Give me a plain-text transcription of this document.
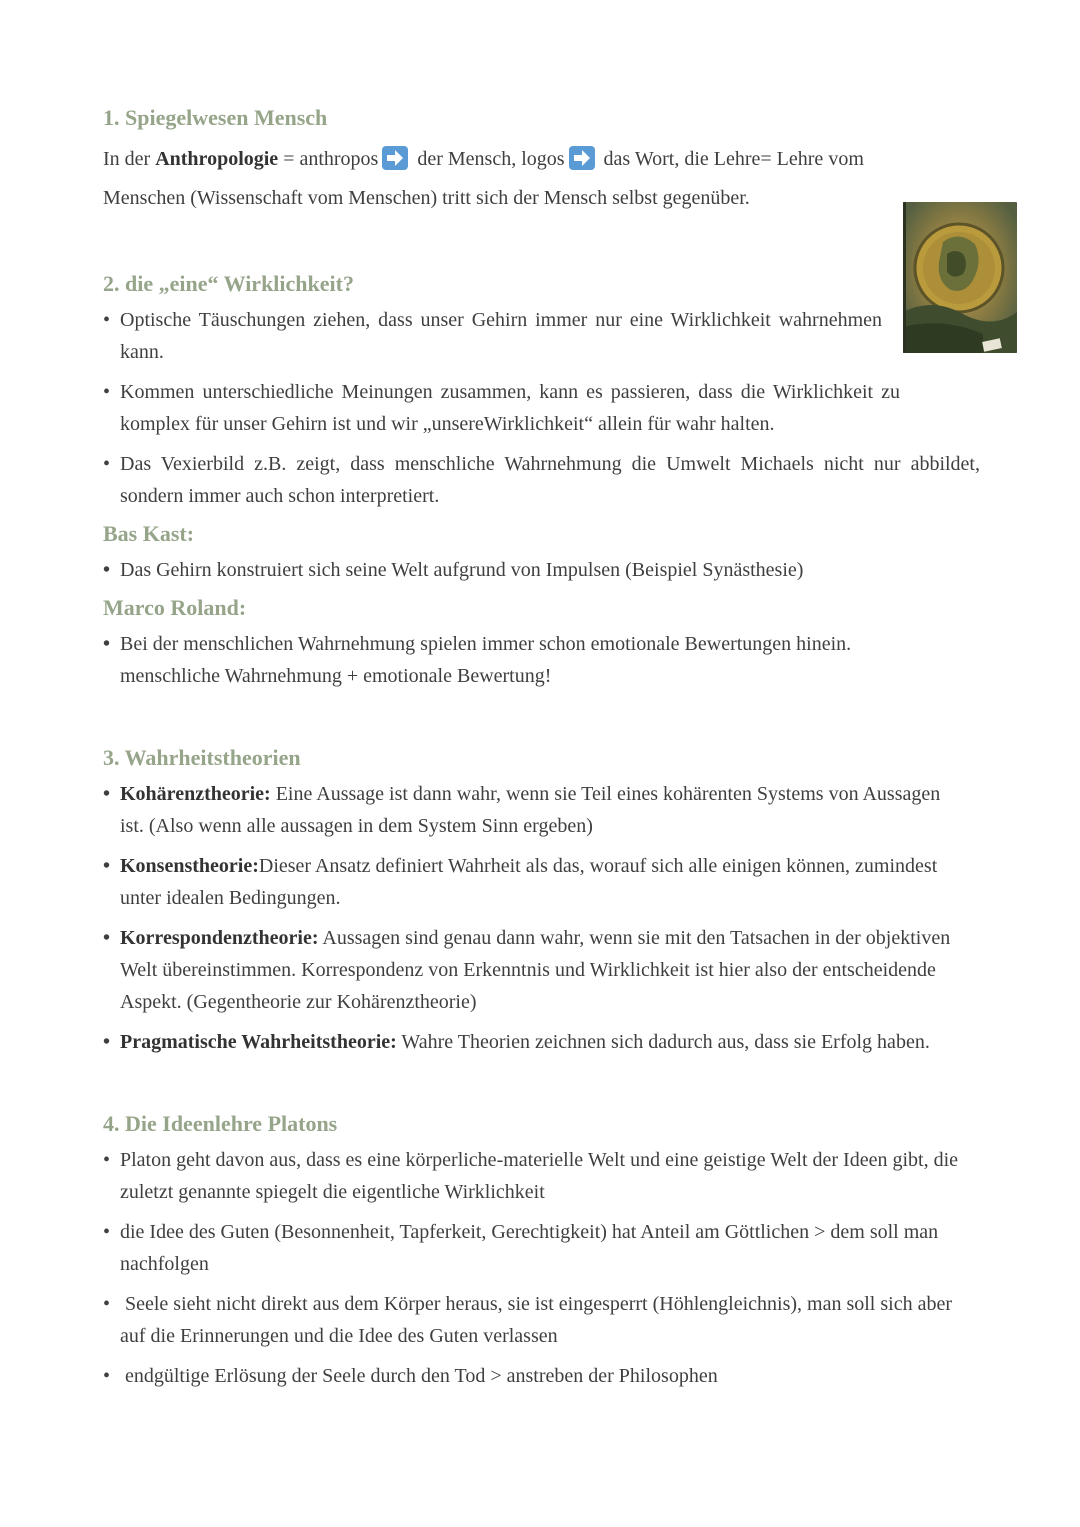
1. Spiegelwesen Mensch

In der Anthropologie = anthropos
der Mensch, logos
das Wort, die Lehre= Lehre vom Menschen (Wissenschaft vom Menschen) tritt sich der Mensch selbst gegenüber.

2. die „eine“ Wirklichkeit?
• Optische Täuschungen ziehen, dass unser Gehirn immer nur eine Wirklichkeit wahrnehmen kann.
• Kommen unterschiedliche Meinungen zusammen, kann es passieren, dass die Wirklichkeit zu komplex für unser Gehirn ist und wir „unsereWirklichkeit“ allein für wahr halten.
• Das Vexierbild z.B. zeigt, dass menschliche Wahrnehmung die Umwelt Michaels nicht nur abbildet, sondern immer auch schon interpretiert.
Bas Kast:
• Das Gehirn konstruiert sich seine Welt aufgrund von Impulsen (Beispiel Synästhesie)
Marco Roland:
• Bei der menschlichen Wahrnehmung spielen immer schon emotionale Bewertungen hinein.
menschliche Wahrnehmung + emotionale Bewertung!
3. Wahrheitstheorien
• Kohärenztheorie: Eine Aussage ist dann wahr, wenn sie Teil eines kohärenten Systems von Aussagen ist. (Also wenn alle aussagen in dem System Sinn ergeben)
• Konsenstheorie:Dieser Ansatz definiert Wahrheit als das, worauf sich alle einigen können, zumindest unter idealen Bedingungen.
• Korrespondenztheorie: Aussagen sind genau dann wahr, wenn sie mit den Tatsachen in der objektiven Welt übereinstimmen. Korrespondenz von Erkenntnis und Wirklichkeit ist hier also der entscheidende Aspekt. (Gegentheorie zur Kohärenztheorie)
• Pragmatische Wahrheitstheorie: Wahre Theorien zeichnen sich dadurch aus, dass sie Erfolg haben.
4. Die Ideenlehre Platons
• Platon geht davon aus, dass es eine körperliche-materielle Welt und eine geistige Welt der Ideen gibt, die zuletzt genannte spiegelt die eigentliche Wirklichkeit
• die Idee des Guten (Besonnenheit, Tapferkeit, Gerechtigkeit) hat Anteil am Göttlichen > dem soll man nachfolgen
•  Seele sieht nicht direkt aus dem Körper heraus, sie ist eingesperrt (Höhlengleichnis), man soll sich aber auf die Erinnerungen und die Idee des Guten verlassen
•  endgültige Erlösung der Seele durch den Tod > anstreben der Philosophen
